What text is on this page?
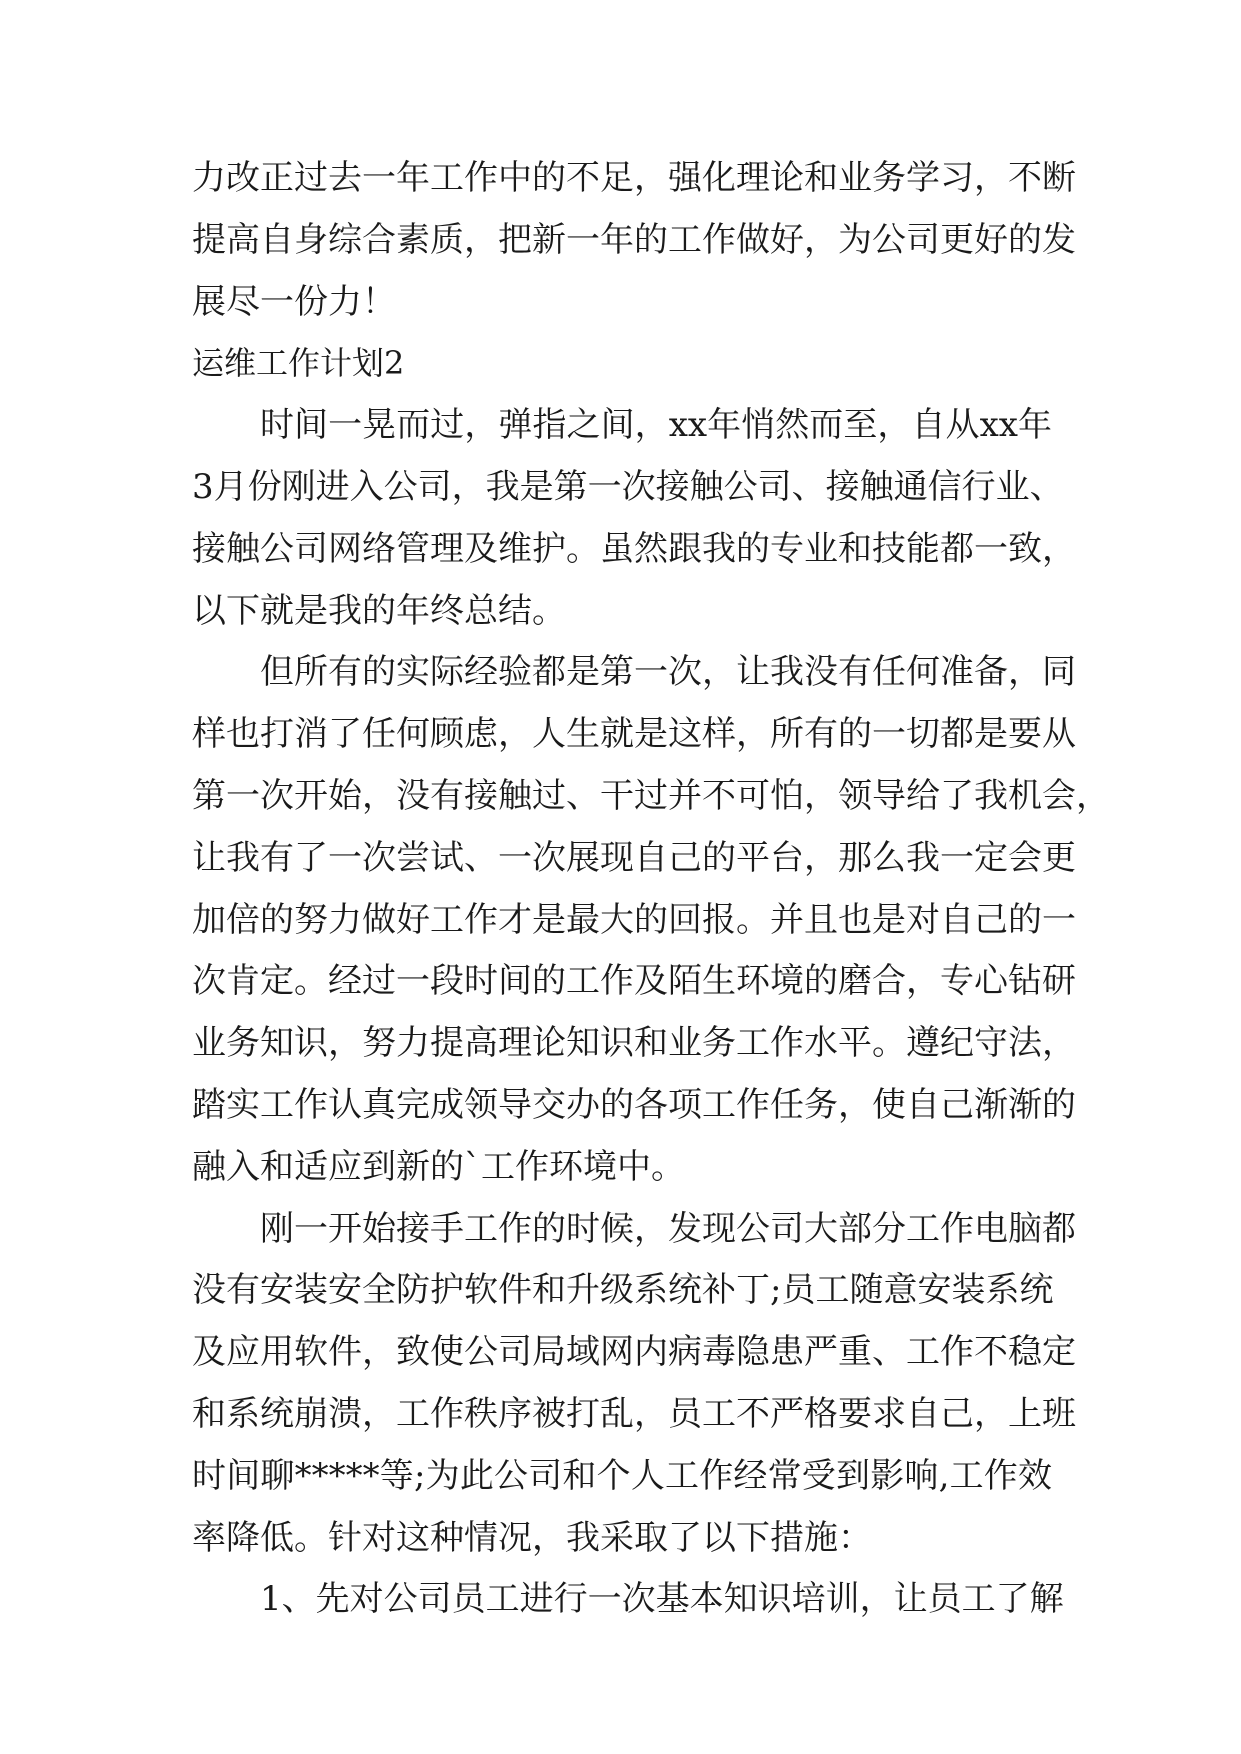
力改正过去一年工作中的不足，强化理论和业务学习，不断
提高自身综合素质，把新一年的工作做好，为公司更好的发
展尽一份力！
运维工作计划2
时间一晃而过，弹指之间，xx年悄然而至，自从xx年
3月份刚进入公司，我是第一次接触公司、接触通信行业、
接触公司网络管理及维护。虽然跟我的专业和技能都一致，
以下就是我的年终总结。
但所有的实际经验都是第一次，让我没有任何准备，同
样也打消了任何顾虑，人生就是这样，所有的一切都是要从
第一次开始，没有接触过、干过并不可怕，领导给了我机会，
让我有了一次尝试、一次展现自己的平台，那么我一定会更
加倍的努力做好工作才是最大的回报。并且也是对自己的一
次肯定。经过一段时间的工作及陌生环境的磨合，专心钻研
业务知识，努力提高理论知识和业务工作水平。遵纪守法，
踏实工作认真完成领导交办的各项工作任务，使自己渐渐的
融入和适应到新的`工作环境中。
刚一开始接手工作的时候，发现公司大部分工作电脑都
没有安装安全防护软件和升级系统补丁;员工随意安装系统
及应用软件，致使公司局域网内病毒隐患严重、工作不稳定
和系统崩溃，工作秩序被打乱，员工不严格要求自己，上班
时间聊*****等;为此公司和个人工作经常受到影响,工作效
率降低。针对这种情况，我采取了以下措施：
1、先对公司员工进行一次基本知识培训，让员工了解
